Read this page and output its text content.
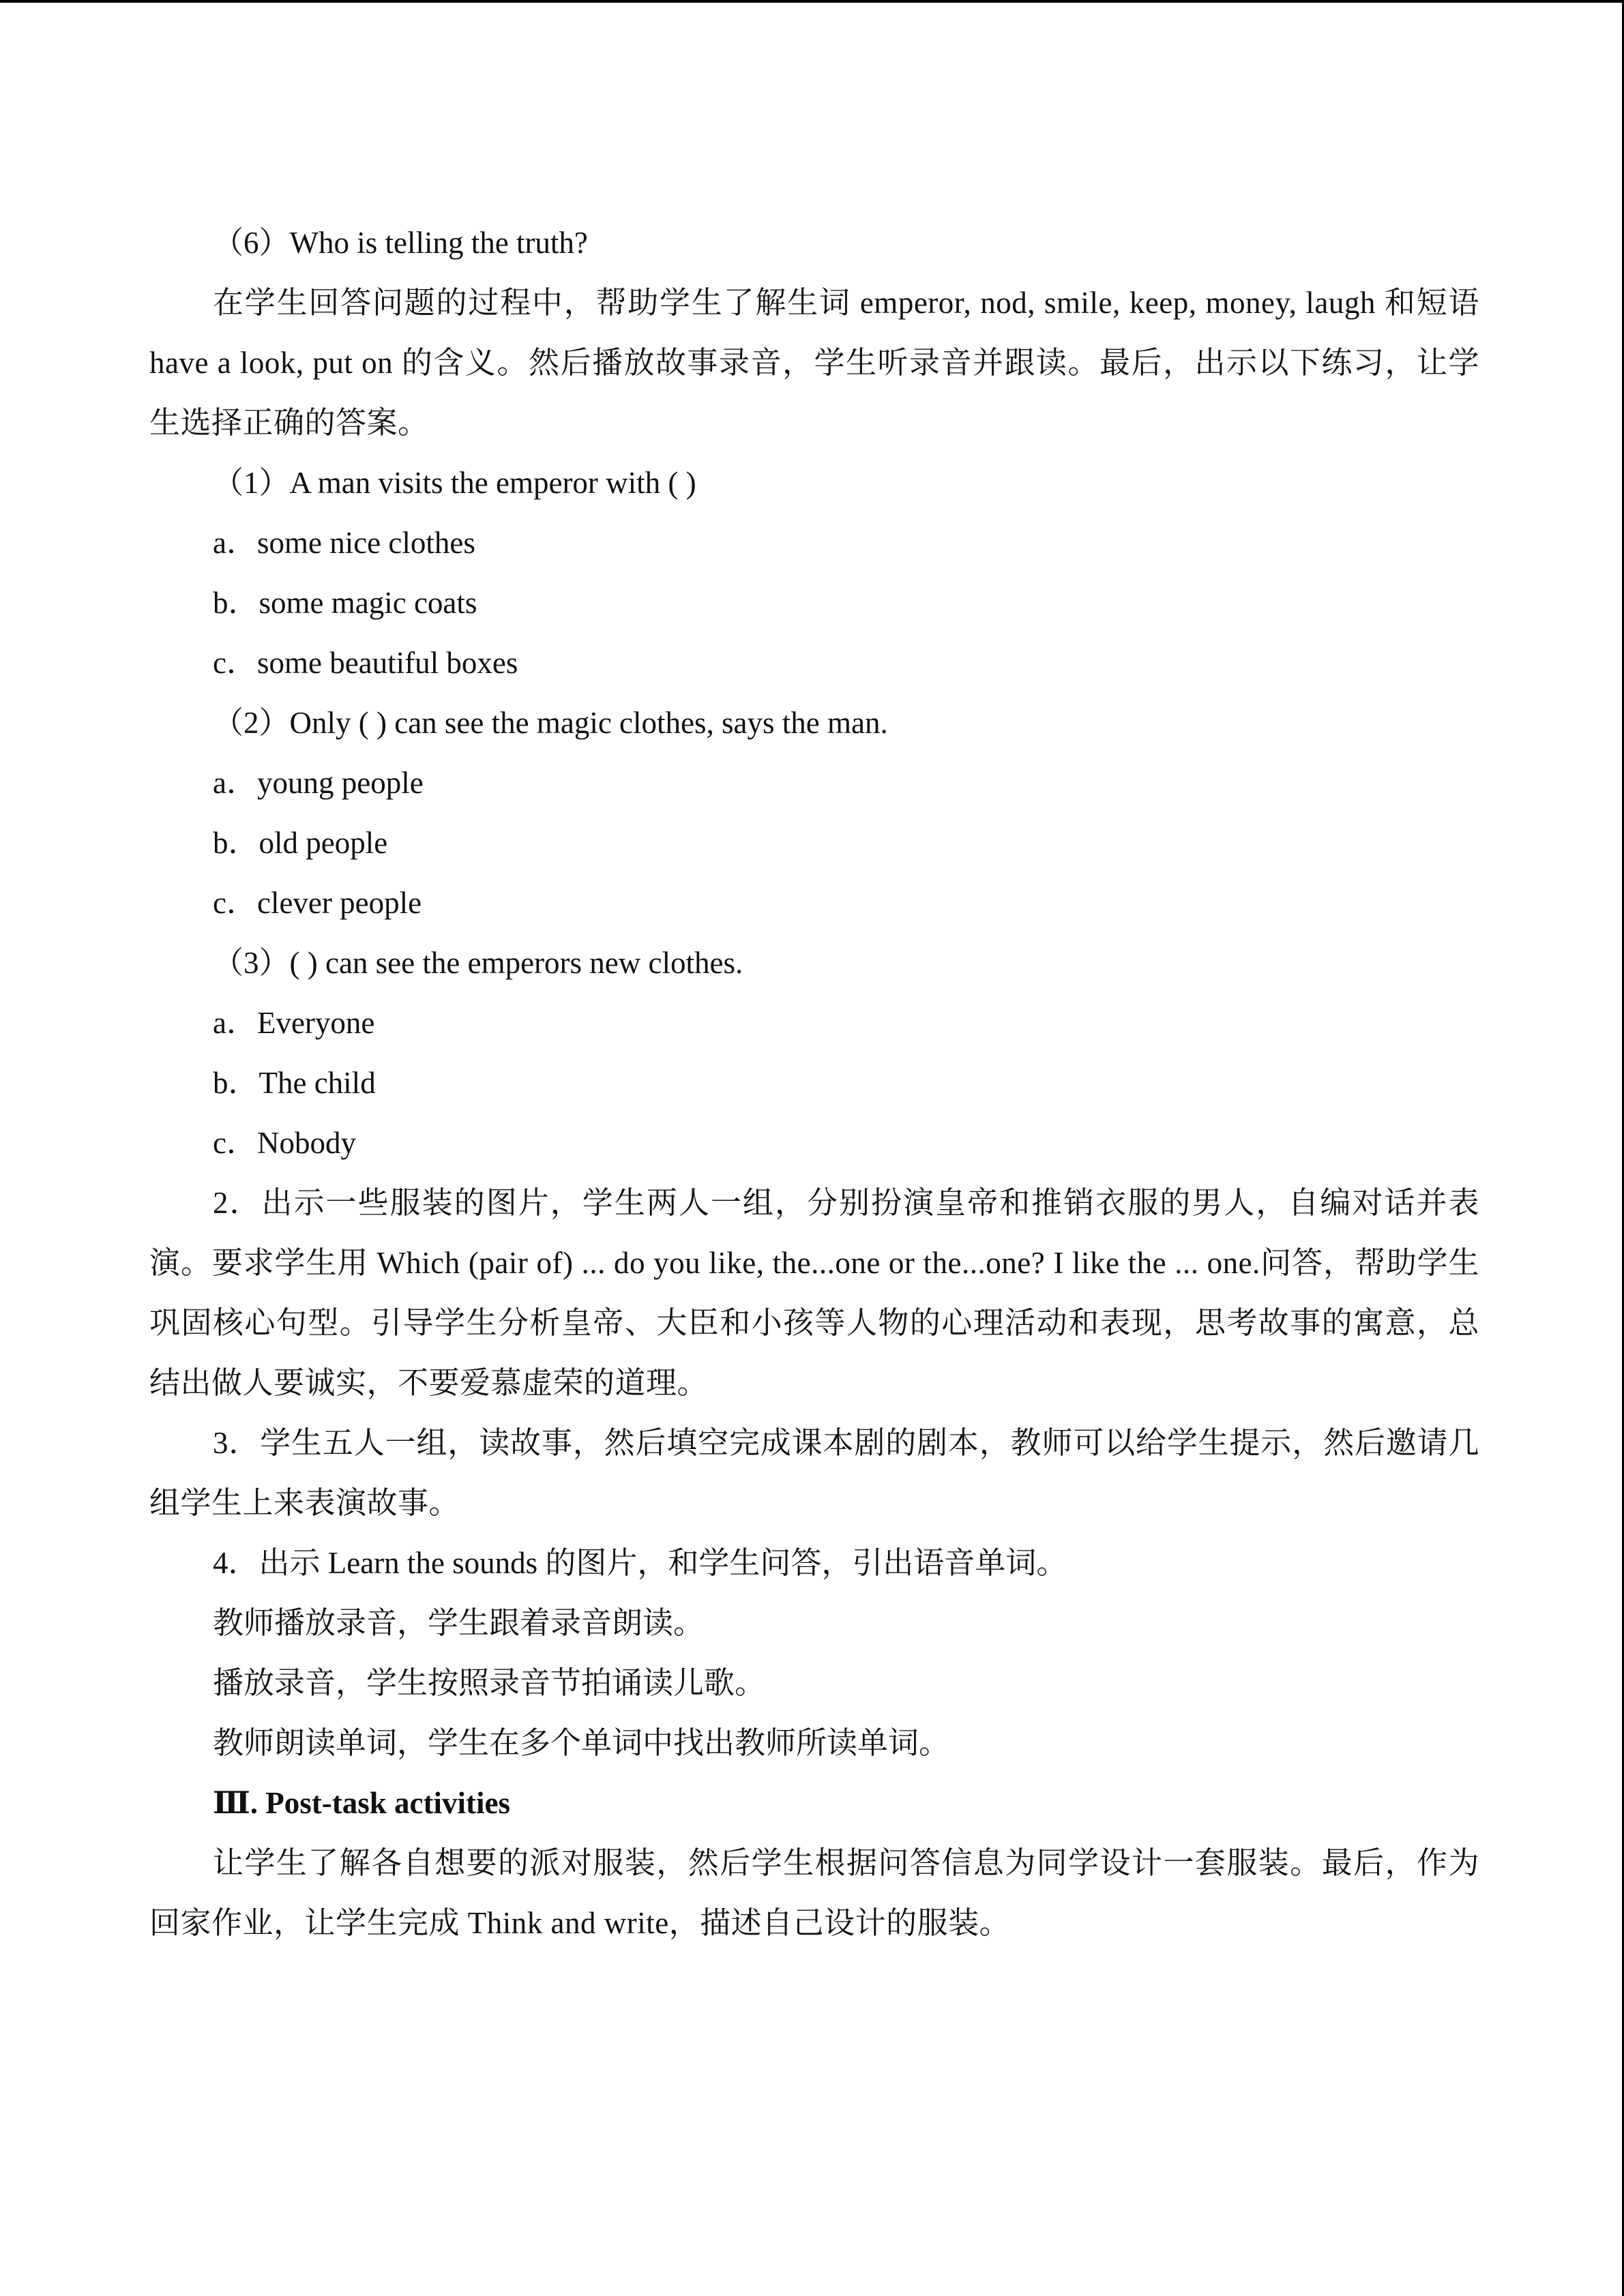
（6）Who is telling the truth?
在学生回答问题的过程中，帮助学生了解生词 emperor, nod, smile, keep, money, laugh 和短语 have a look, put on 的含义。然后播放故事录音，学生听录音并跟读。最后，出示以下练习，让学生选择正确的答案。
（1）A man visits the emperor with ( )
a．some nice clothes
b．some magic coats
c．some beautiful boxes
（2）Only ( ) can see the magic clothes, says the man.
a．young people
b．old people
c．clever people
（3）( ) can see the emperors new clothes.
a．Everyone
b．The child
c．Nobody
2．出示一些服装的图片，学生两人一组，分别扮演皇帝和推销衣服的男人，自编对话并表演。要求学生用 Which (pair of) ... do you like, the...one or the...one? I like the ... one.问答，帮助学生巩固核心句型。引导学生分析皇帝、大臣和小孩等人物的心理活动和表现，思考故事的寓意，总结出做人要诚实，不要爱慕虚荣的道理。
3．学生五人一组，读故事，然后填空完成课本剧的剧本，教师可以给学生提示，然后邀请几组学生上来表演故事。
4．出示 Learn the sounds 的图片，和学生问答，引出语音单词。
教师播放录音，学生跟着录音朗读。
播放录音，学生按照录音节拍诵读儿歌。
教师朗读单词，学生在多个单词中找出教师所读单词。
Ⅲ. Post-task activities
让学生了解各自想要的派对服装，然后学生根据问答信息为同学设计一套服装。最后，作为回家作业，让学生完成 Think and write，描述自己设计的服装。
